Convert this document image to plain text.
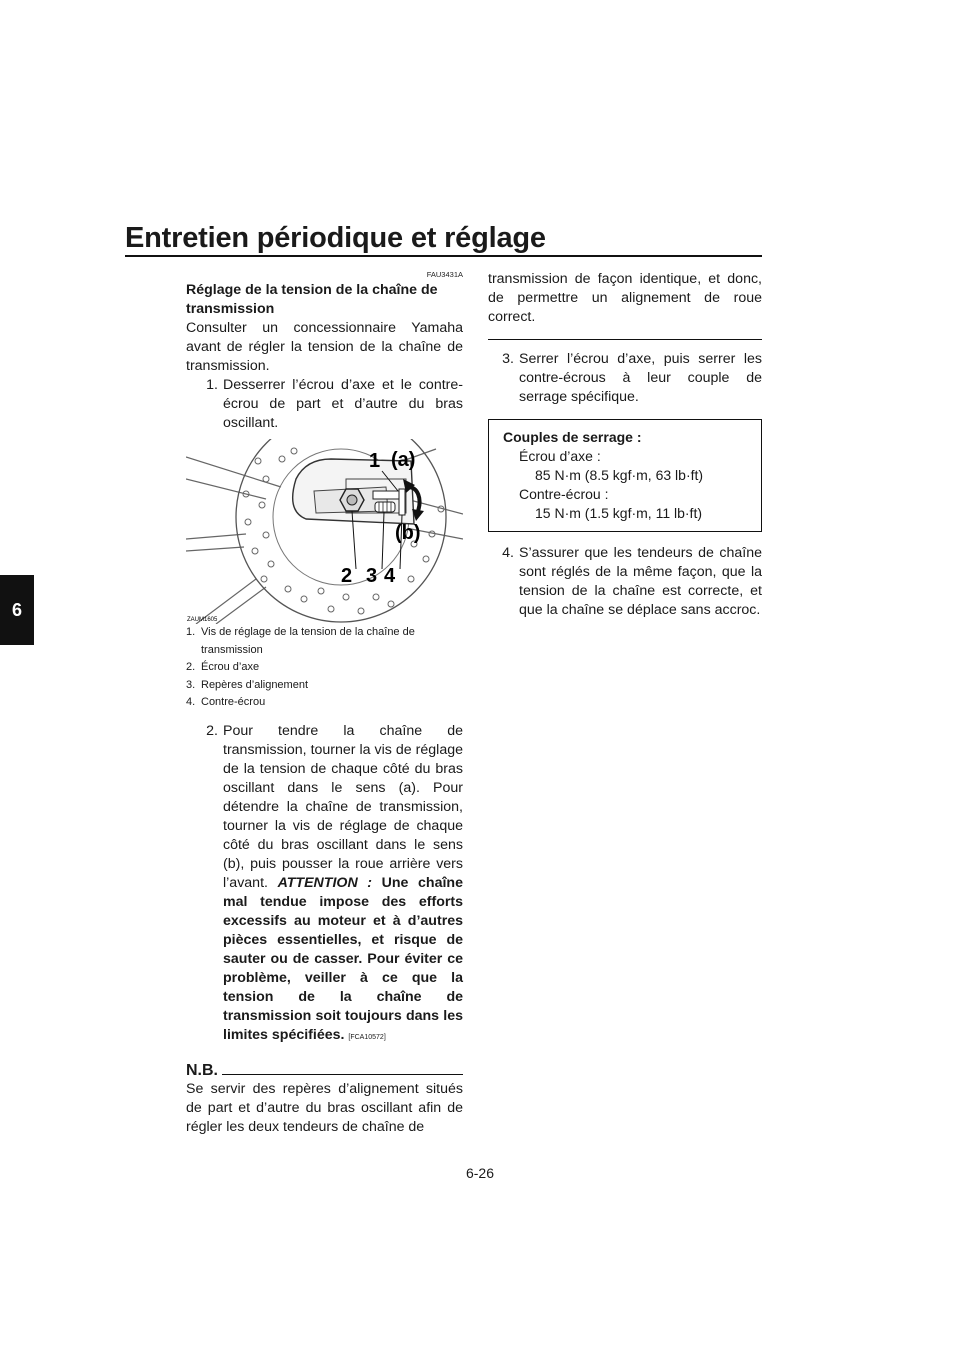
Entretien périodique et réglage
6
FAU3431A
Réglage de la tension de la chaîne de transmission

Consulter un concessionnaire Yamaha avant de régler la tension de la chaîne de transmission.

1. Desserrer l’écrou d’axe et le contre-écrou de part et d’autre du bras oscillant.
1 (a)
(b)
2 3 4
ZAUM1605
1. Vis de réglage de la tension de la chaîne de transmission
2. Écrou d’axe
3. Repères d’alignement
4. Contre-écrou
2. Pour tendre la chaîne de transmission, tourner la vis de réglage de la tension de chaque côté du bras oscillant dans le sens (a). Pour détendre la chaîne de transmission, tourner la vis de réglage de chaque côté du bras oscillant dans le sens (b), puis pousser la roue arrière vers l’avant. ATTENTION : Une chaîne mal tendue impose des efforts excessifs au moteur et à d’autres pièces essentielles, et risque de sauter ou de casser. Pour éviter ce problème, veiller à ce que la tension de la chaîne de transmission soit toujours dans les limites spécifiées. [FCA10572]
N.B.

Se servir des repères d’alignement situés de part et d’autre du bras oscillant afin de régler les deux tendeurs de chaîne de

transmission de façon identique, et donc, de permettre un alignement de roue correct.

3. Serrer l’écrou d’axe, puis serrer les contre-écrous à leur couple de serrage spécifique.
Couples de serrage :
Écrou d’axe :
85 N·m (8.5 kgf·m, 63 lb·ft)
Contre-écrou :
15 N·m (1.5 kgf·m, 11 lb·ft)
4. S’assurer que les tendeurs de chaîne sont réglés de la même façon, que la tension de la chaîne est correcte, et que la chaîne se déplace sans accroc.
6-26
